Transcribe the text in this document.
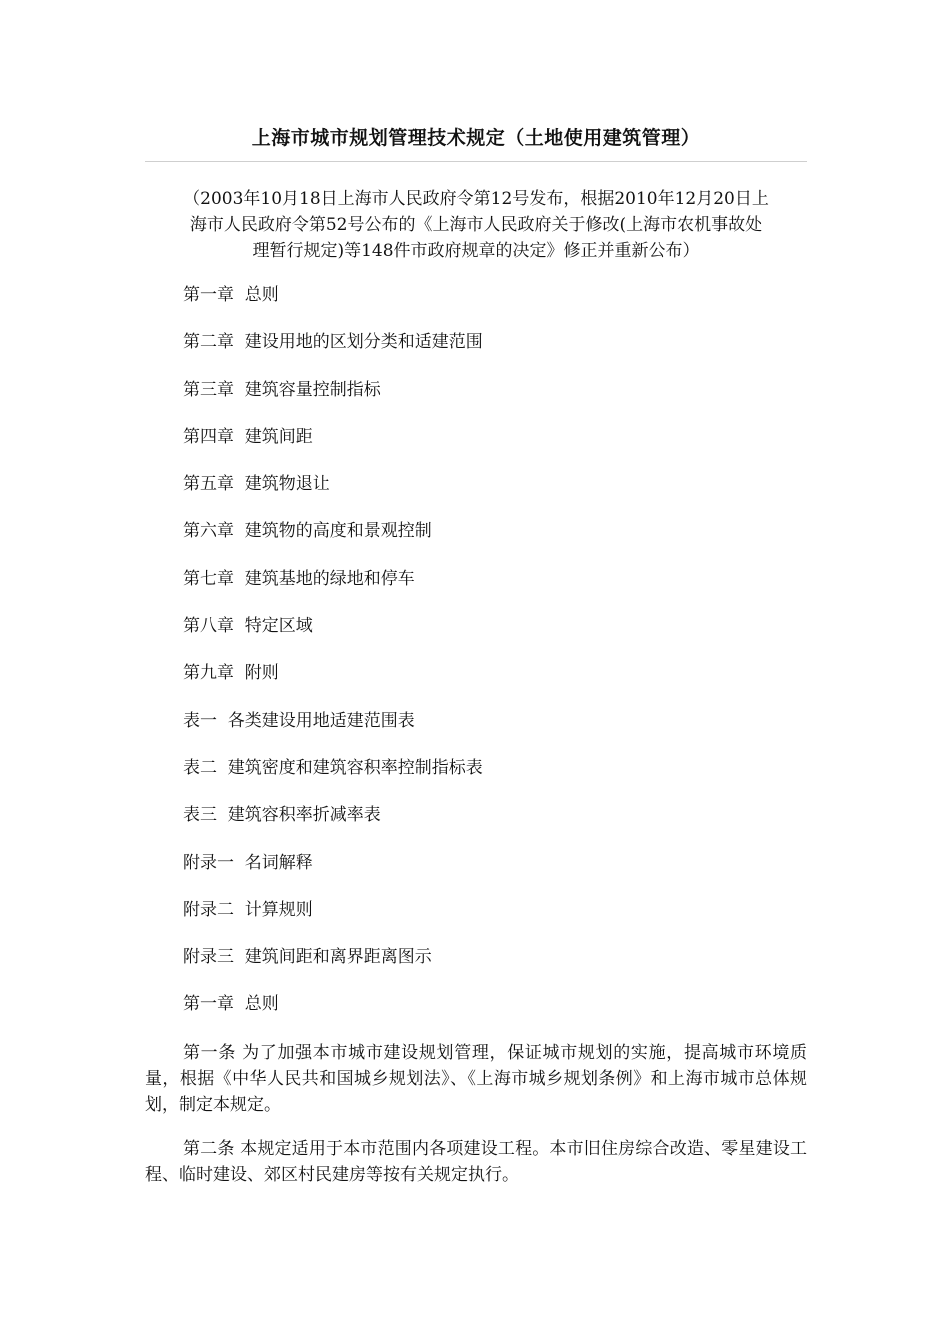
上海市城市规划管理技术规定（土地使用建筑管理）
（2003年10月18日上海市人民政府令第12号发布，根据2010年12月20日上
海市人民政府令第52号公布的《上海市人民政府关于修改(上海市农机事故处
理暂行规定)等148件市政府规章的决定》修正并重新公布）
第一章  总则
第二章  建设用地的区划分类和适建范围
第三章  建筑容量控制指标
第四章  建筑间距
第五章  建筑物退让
第六章  建筑物的高度和景观控制
第七章  建筑基地的绿地和停车
第八章  特定区域
第九章  附则
表一  各类建设用地适建范围表
表二  建筑密度和建筑容积率控制指标表
表三  建筑容积率折减率表
附录一  名词解释
附录二  计算规则
附录三  建筑间距和离界距离图示
第一章  总则

第一条 为了加强本市城市建设规划管理，保证城市规划的实施，提高城市环境质量，根据《中华人民共和国城乡规划法》、《上海市城乡规划条例》和上海市城市总体规划，制定本规定。

第二条 本规定适用于本市范围内各项建设工程。本市旧住房综合改造、零星建设工程、临时建设、郊区村民建房等按有关规定执行。
